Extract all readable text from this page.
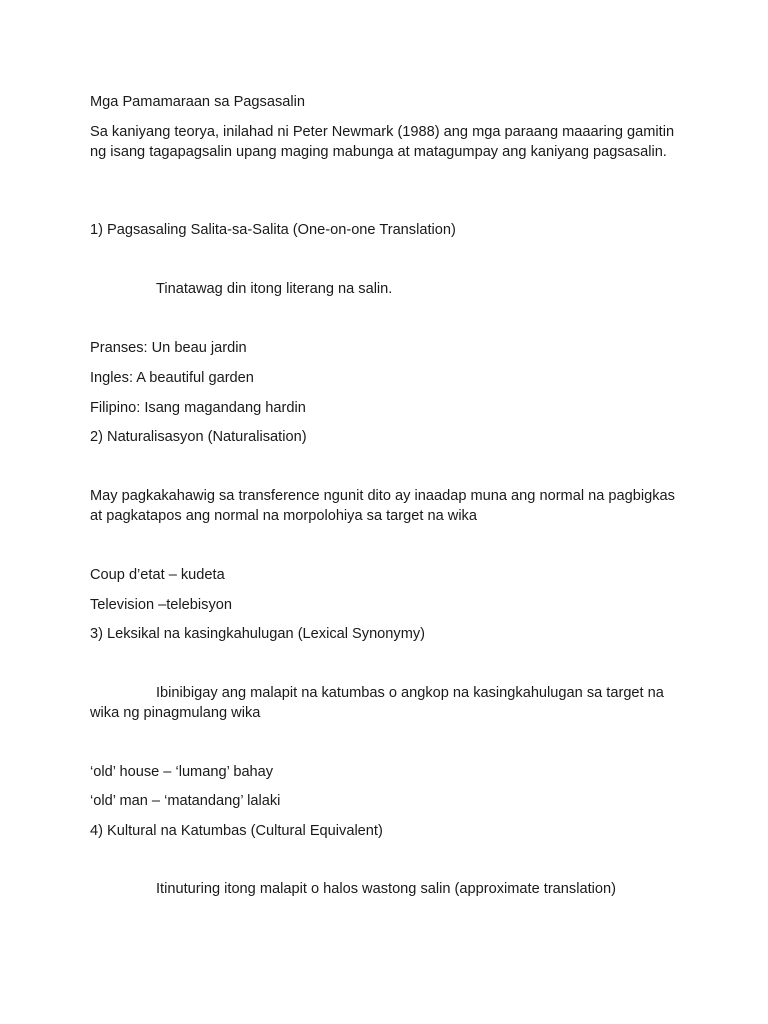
Mga Pamamaraan sa Pagsasalin
Sa kaniyang teorya, inilahad ni Peter Newmark (1988) ang mga paraang maaaring gamitin ng isang tagapagsalin upang maging mabunga at matagumpay ang kaniyang pagsasalin.
1) Pagsasaling Salita-sa-Salita (One-on-one Translation)
Tinatawag din itong literang na salin.
Pranses: Un beau jardin
Ingles: A beautiful garden
Filipino: Isang magandang hardin
2) Naturalisasyon (Naturalisation)
May pagkakahawig sa transference ngunit dito ay inaadap muna ang normal na pagbigkas at pagkatapos ang normal na morpolohiya sa target na wika
Coup d’etat – kudeta
Television –telebisyon
3) Leksikal na kasingkahulugan (Lexical Synonymy)
Ibinibigay ang malapit na katumbas o angkop na kasingkahulugan sa target na wika ng pinagmulang wika
‘old’ house – ‘lumang’ bahay
‘old’ man – ‘matandang’ lalaki
4) Kultural na Katumbas (Cultural Equivalent)
Itinuturing itong malapit o halos wastong salin (approximate translation)
